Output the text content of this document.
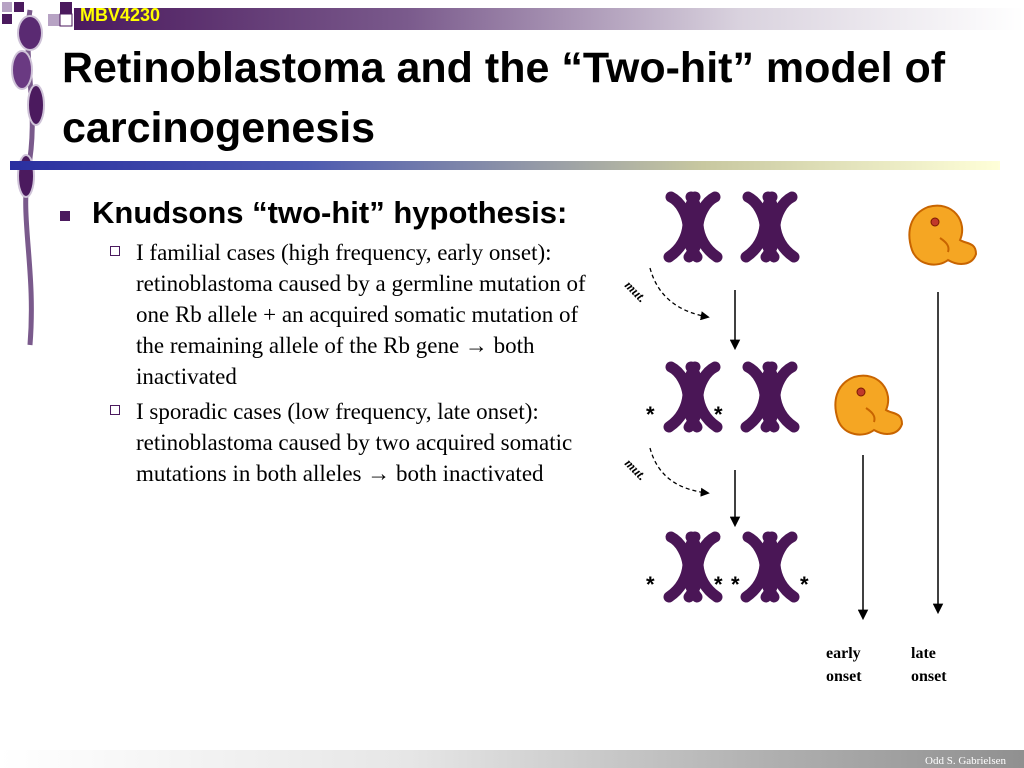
MBV4230
Retinoblastoma and the “Two-hit” model of carcinogenesis
Knudsons “two-hit” hypothesis:
I familial cases (high frequency, early onset): retinoblastoma caused by a germline mutation of one Rb allele + an acquired somatic mutation of the remaining allele of the Rb gene → both inactivated
I sporadic cases (low frequency, late onset): retinoblastoma caused by two acquired somatic mutations in both alleles → both inactivated
mut.
*	*
mut.
*	* *	*
early
onset
late
onset
Odd S. Gabrielsen
